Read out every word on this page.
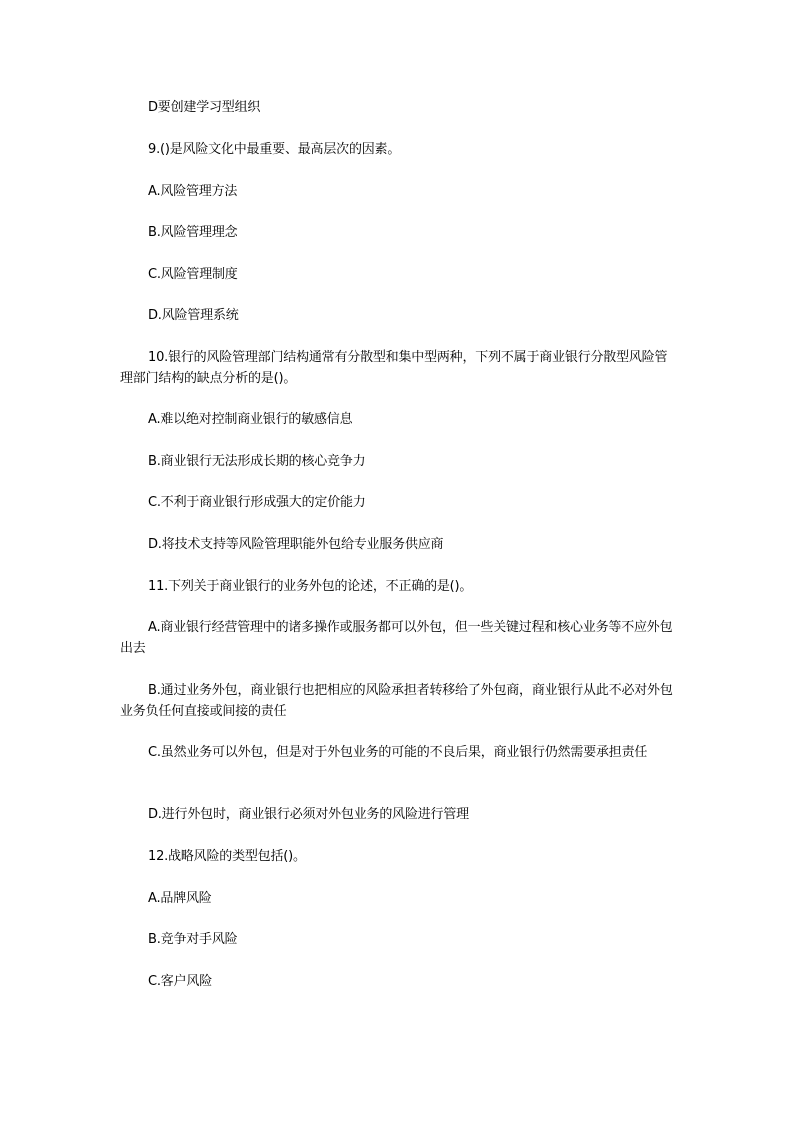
D要创建学习型组织
9.()是风险文化中最重要、最高层次的因素。
A.风险管理方法
B.风险管理理念
C.风险管理制度
D.风险管理系统
10.银行的风险管理部门结构通常有分散型和集中型两种，下列不属于商业银行分散型风险管理部门结构的缺点分析的是()。
A.难以绝对控制商业银行的敏感信息
B.商业银行无法形成长期的核心竞争力
C.不利于商业银行形成强大的定价能力
D.将技术支持等风险管理职能外包给专业服务供应商
11.下列关于商业银行的业务外包的论述，不正确的是()。
A.商业银行经营管理中的诸多操作或服务都可以外包，但一些关键过程和核心业务等不应外包出去
B.通过业务外包，商业银行也把相应的风险承担者转移给了外包商，商业银行从此不必对外包业务负任何直接或间接的责任
C.虽然业务可以外包，但是对于外包业务的可能的不良后果，商业银行仍然需要承担责任
D.进行外包时，商业银行必须对外包业务的风险进行管理
12.战略风险的类型包括()。
A.品牌风险
B.竞争对手风险
C.客户风险
